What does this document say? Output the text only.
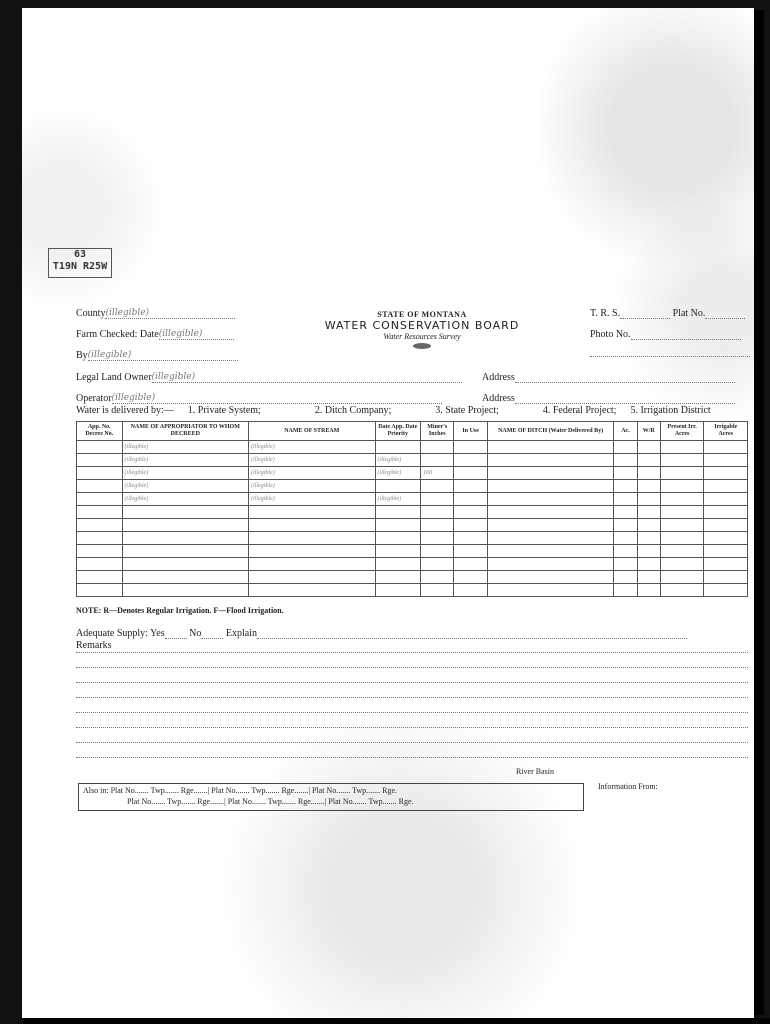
63
T19N R25W
STATE OF MONTANA
WATER CONSERVATION BOARD
Water Resources Survey
County(illegible)
Farm Checked: Date(illegible)
By(illegible)
Legal Land Owner(illegible)
Operator(illegible)
T. R. S.	Plat No.
Photo No.
Address
Address
Water is delivered by:— 1. Private System;	2. Ditch Company;	3. State Project;	4. Federal Project; 5. Irrigation District
App. No. Decree No.	NAME OF APPROPRIATOR TO WHOM DECREED	NAME OF STREAM	Date App. Date Priority	Miner's Inches	In Use	NAME OF DITCH (Water Delivered By)	Ac.	W/R	Present Irr. Acres	Irrigable Acres
	(illegible)	(illegible)								
	(illegible)	(illegible)	(illegible)							
	(illegible)	(illegible)	(illegible)	100						
	(illegible)	(illegible)								
	(illegible)	(illegible)	(illegible)							

NOTE: R—Denotes Regular Irrigation. F—Flood Irrigation.
Adequate Supply: Yes No Explain
Remarks
River Basin
Also in: Plat No....... Twp....... Rge.......| Plat No....... Twp....... Rge.......| Plat No....... Twp....... Rge.
Plat No....... Twp....... Rge.......| Plat No....... Twp....... Rge.......| Plat No....... Twp....... Rge.
Information From:
